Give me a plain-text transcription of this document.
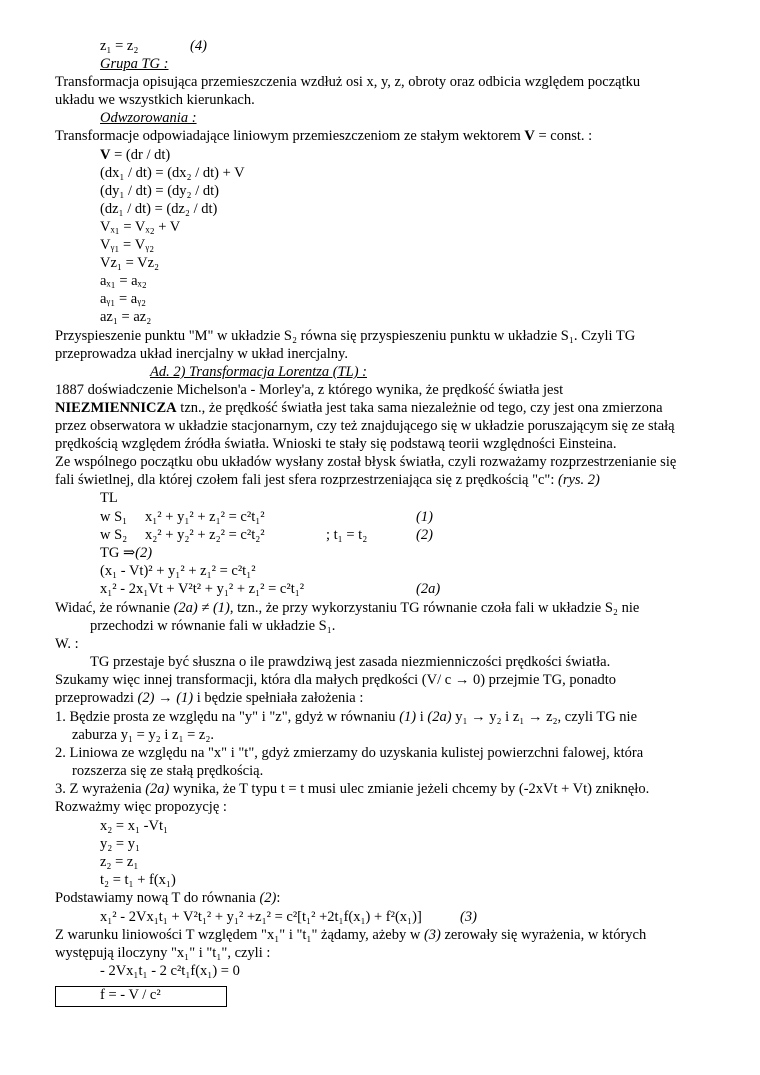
z₁ = z₂	(4)
Grupa TG :
Transformacja opisująca przemieszczenia wzdłuż osi x, y, z, obroty oraz odbicia względem początku
układu we wszystkich kierunkach.
Odwzorowania :
Transformacje odpowiadające liniowym przemieszczeniom ze stałym wektorem V = const. :
V = (dr / dt)
(dx₁ / dt) = (dx₂ / dt) + V
(dy₁ / dt) = (dy₂ / dt)
(dz₁ / dt) = (dz₂ / dt)
Vₓ₁ = Vₓ₂ + V
Vᵧ₁ = Vᵧ₂
Vᴢ₁ = Vᴢ₂
aₓ₁ = aₓ₂
aᵧ₁ = aᵧ₂
aᴢ₁ = aᴢ₂
Przyspieszenie punktu "M" w układzie S₂ równa się przyspieszeniu punktu w układzie S₁. Czyli TG
przeprowadza układ inercjalny w układ inercjalny.
Ad. 2) Transformacja Lorentza (TL) :
1887 doświadczenie Michelson'a - Morley'a, z którego wynika, że prędkość światła jest
NIEZMIENNICZA tzn., że prędkość światła jest taka sama niezależnie od tego, czy jest ona zmierzona
przez obserwatora w układzie stacjonarnym, czy też znajdującego się w układzie poruszającym się ze stałą
prędkością względem źródła światła. Wnioski te stały się podstawą teorii względności Einsteina.
Ze wspólnego początku obu układów wysłany został błysk światła, czyli rozważamy rozprzestrzenianie się
fali świetlnej, dla której czołem fali jest sfera rozprzestrzeniająca się z prędkością "c": (rys. 2)
TL
w S₁ x₁² + y₁² + z₁² = c²t₁²	(1)
w S₂ x₂² + y₂² + z₂² = c²t₂²	; t₁ = t₂	(2)
TG ⇒(2)
(x₁ - Vt)² + y₁² + z₁² = c²t₁²
x₁² - 2x₁Vt + V²t² + y₁² + z₁² = c²t₁²	(2a)
Widać, że równanie (2a) ≠ (1), tzn., że przy wykorzystaniu TG równanie czoła fali w układzie S₂ nie
przechodzi w równanie fali w układzie S₁.
W. :
TG przestaje być słuszna o ile prawdziwą jest zasada niezmienniczości prędkości światła.
Szukamy więc innej transformacji, która dla małych prędkości (V/ c → 0) przejmie TG, ponadto
przeprowadzi (2) → (1) i będzie spełniała założenia :
1. Będzie prosta ze względu na "y" i "z", gdyż w równaniu (1) i (2a) y₁ → y₂ i z₁ → z₂, czyli TG nie
zaburza y₁ = y₂ i z₁ = z₂.
2. Liniowa ze względu na "x" i "t", gdyż zmierzamy do uzyskania kulistej powierzchni falowej, która
rozszerza się ze stałą prędkością.
3. Z wyrażenia (2a) wynika, że T typu t = t musi ulec zmianie jeżeli chcemy by (-2xVt + Vt) zniknęło.
Rozważmy więc propozycję :
x₂ = x₁ -Vt₁
y₂ = y₁
z₂ = z₁
t₂ = t₁ + f(x₁)
Podstawiamy nową T do równania (2):
x₁² - 2Vx₁t₁ + V²t₁² + y₁² +z₁² = c²[t₁² +2t₁f(x₁) + f²(x₁)]	(3)
Z warunku liniowości T względem "x₁" i "t₁" żądamy, ażeby w (3) zerowały się wyrażenia, w których
występują iloczyny "x₁" i "t₁", czyli :
- 2Vx₁t₁ - 2 c²t₁f(x₁) = 0
f = - V / c²
